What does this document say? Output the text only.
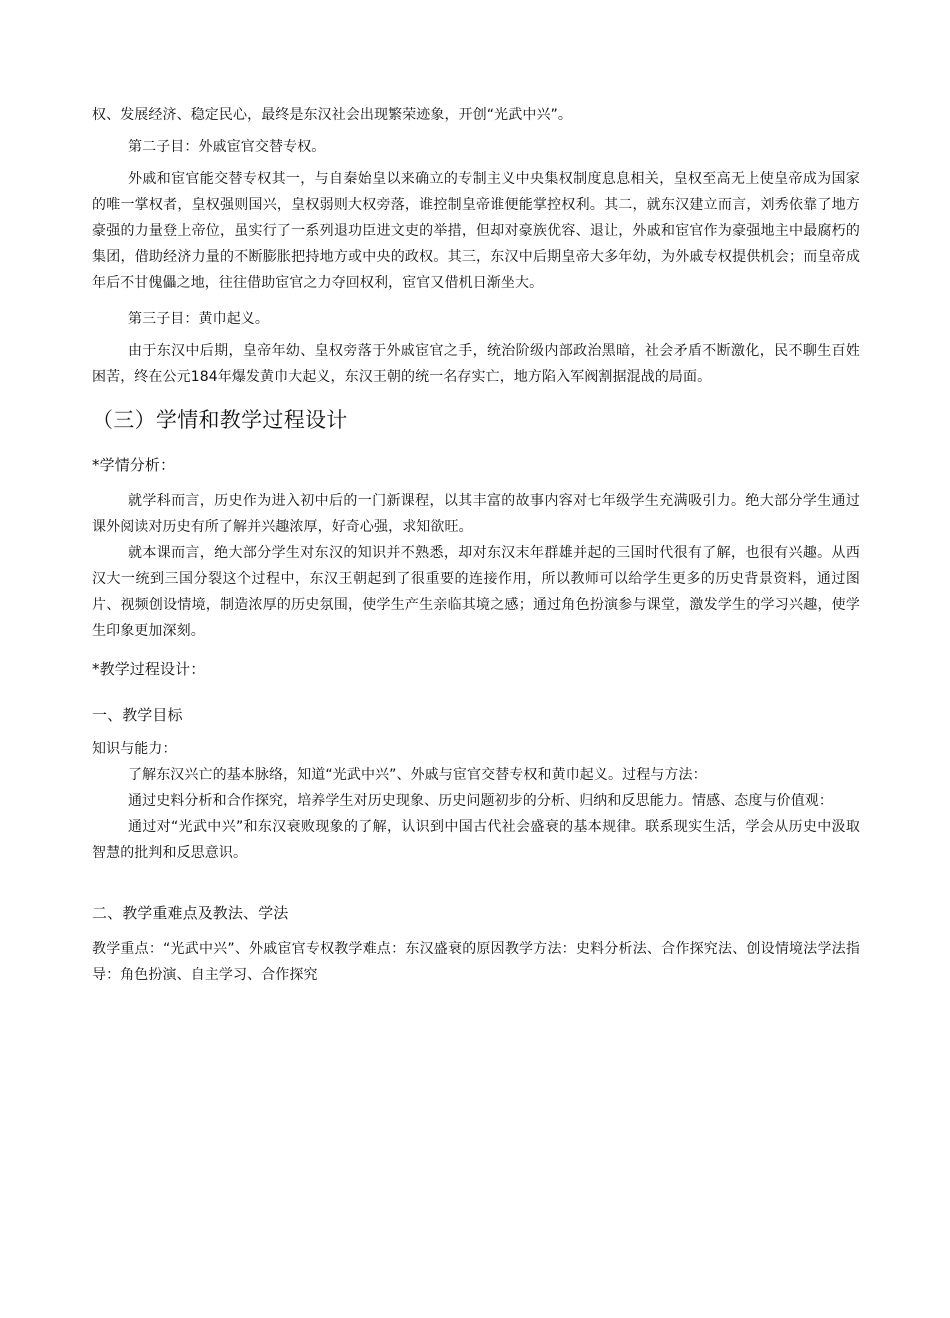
权、发展经济、稳定民心，最终是东汉社会出现繁荣迹象，开创“光武中兴”。

第二子目：外戚宦官交替专权。

外戚和宦官能交替专权其一，与自秦始皇以来确立的专制主义中央集权制度息息相关，皇权至高无上使皇帝成为国家的唯一掌权者，皇权强则国兴，皇权弱则大权旁落，谁控制皇帝谁便能掌控权利。其二，就东汉建立而言，刘秀依靠了地方豪强的力量登上帝位，虽实行了一系列退功臣进文吏的举措，但却对豪族优容、退让，外戚和宦官作为豪强地主中最腐朽的集团，借助经济力量的不断膨胀把持地方或中央的政权。其三，东汉中后期皇帝大多年幼，为外戚专权提供机会；而皇帝成年后不甘傀儡之地，往往借助宦官之力夺回权利，宦官又借机日渐坐大。

第三子目：黄巾起义。

由于东汉中后期，皇帝年幼、皇权旁落于外戚宦官之手，统治阶级内部政治黑暗，社会矛盾不断激化，民不聊生百姓困苦，终在公元184年爆发黄巾大起义，东汉王朝的统一名存实亡，地方陷入军阀割据混战的局面。

（三）学情和教学过程设计

*学情分析：

就学科而言，历史作为进入初中后的一门新课程，以其丰富的故事内容对七年级学生充满吸引力。绝大部分学生通过课外阅读对历史有所了解并兴趣浓厚，好奇心强，求知欲旺。

就本课而言，绝大部分学生对东汉的知识并不熟悉，却对东汉末年群雄并起的三国时代很有了解，也很有兴趣。从西汉大一统到三国分裂这个过程中，东汉王朝起到了很重要的连接作用，所以教师可以给学生更多的历史背景资料，通过图片、视频创设情境，制造浓厚的历史氛围，使学生产生亲临其境之感；通过角色扮演参与课堂，激发学生的学习兴趣，使学生印象更加深刻。

*教学过程设计：

一、教学目标

知识与能力：

了解东汉兴亡的基本脉络，知道“光武中兴”、外戚与宦官交替专权和黄巾起义。过程与方法：

通过史料分析和合作探究，培养学生对历史现象、历史问题初步的分析、归纳和反思能力。情感、态度与价值观：

通过对“光武中兴”和东汉衰败现象的了解，认识到中国古代社会盛衰的基本规律。联系现实生活，学会从历史中汲取智慧的批判和反思意识。

二、教学重难点及教法、学法

教学重点：“光武中兴”、外戚宦官专权教学难点：东汉盛衰的原因教学方法：史料分析法、合作探究法、创设情境法学法指导：角色扮演、自主学习、合作探究
